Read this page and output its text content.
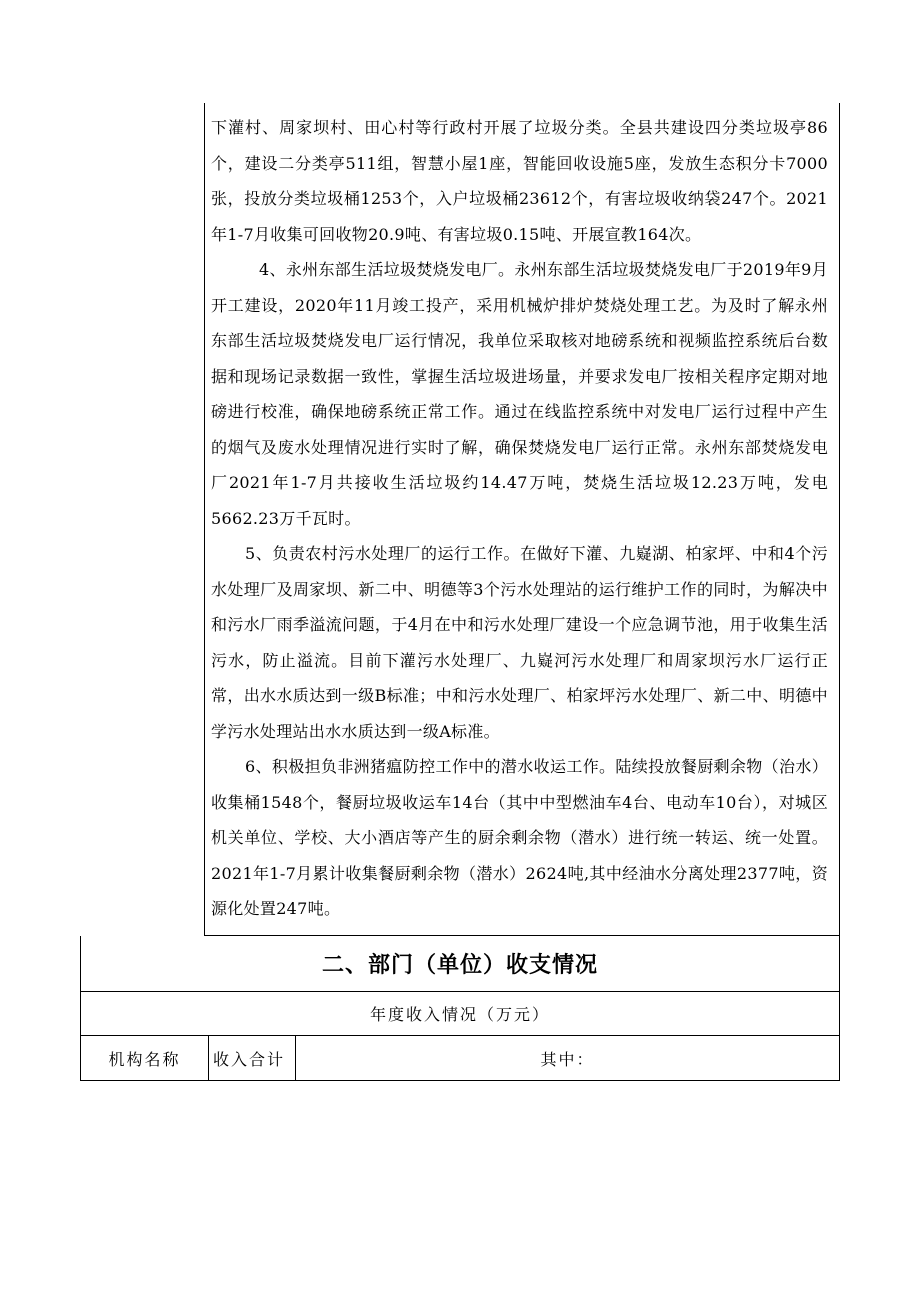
下灌村、周家坝村、田心村等行政村开展了垃圾分类。全县共建设四分类垃圾亭86个，建设二分类亭511组，智慧小屋1座，智能回收设施5座，发放生态积分卡7000张，投放分类垃圾桶1253个，入户垃圾桶23612个，有害垃圾收纳袋247个。2021年1-7月收集可回收物20.9吨、有害垃圾0.15吨、开展宣教164次。

4、永州东部生活垃圾焚烧发电厂。永州东部生活垃圾焚烧发电厂于2019年9月开工建设，2020年11月竣工投产，采用机械炉排炉焚烧处理工艺。为及时了解永州东部生活垃圾焚烧发电厂运行情况，我单位采取核对地磅系统和视频监控系统后台数据和现场记录数据一致性，掌握生活垃圾进场量，并要求发电厂按相关程序定期对地磅进行校准，确保地磅系统正常工作。通过在线监控系统中对发电厂运行过程中产生的烟气及废水处理情况进行实时了解，确保焚烧发电厂运行正常。永州东部焚烧发电厂2021年1-7月共接收生活垃圾约14.47万吨，焚烧生活垃圾12.23万吨，发电5662.23万千瓦时。

5、负责农村污水处理厂的运行工作。在做好下灌、九嶷湖、柏家坪、中和4个污水处理厂及周家坝、新二中、明德等3个污水处理站的运行维护工作的同时，为解决中和污水厂雨季溢流问题，于4月在中和污水处理厂建设一个应急调节池，用于收集生活污水，防止溢流。目前下灌污水处理厂、九嶷河污水处理厂和周家坝污水厂运行正常，出水水质达到一级B标准；中和污水处理厂、柏家坪污水处理厂、新二中、明德中学污水处理站出水水质达到一级A标准。

6、积极担负非洲猪瘟防控工作中的潜水收运工作。陆续投放餐厨剩余物（治水）收集桶1548个，餐厨垃圾收运车14台（其中中型燃油车4台、电动车10台），对城区机关单位、学校、大小酒店等产生的厨余剩余物（潜水）进行统一转运、统一处置。2021年1-7月累计收集餐厨剩余物（潜水）2624吨,其中经油水分离处理2377吨，资源化处置247吨。

二、部门（单位）收支情况
年度收入情况（万元）
机构名称	收入合计	其中：
